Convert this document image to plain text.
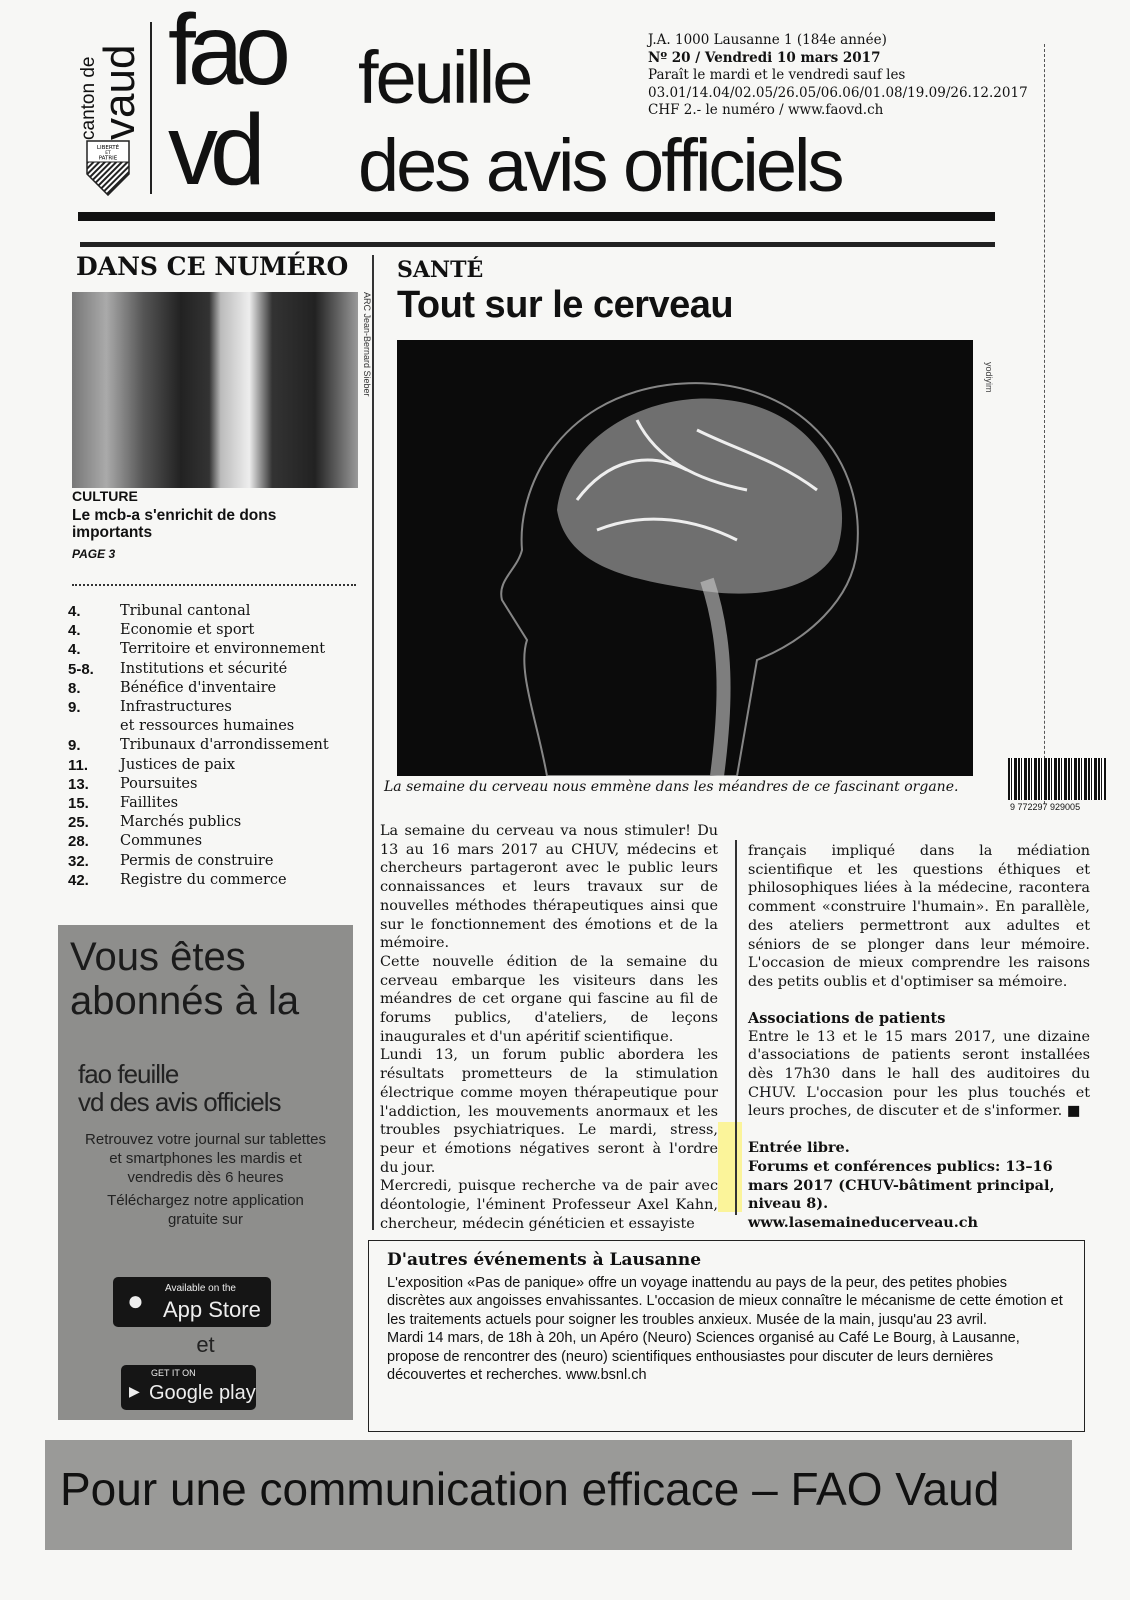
canton de
vaud
LIBERTÉ
ET
PATRIE
fao
vd
feuille
des avis officiels
J.A. 1000 Lausanne 1 (184e année)
Nº 20 / Vendredi 10 mars 2017
Paraît le mardi et le vendredi sauf les
03.01/14.04/02.05/26.05/06.06/01.08/19.09/26.12.2017
CHF 2.- le numéro / www.faovd.ch
DANS CE NUMÉRO
ARC Jean-Bernard Sieber
CULTURE
Le mcb-a s'enrichit de dons importants
PAGE 3
4.	Tribunal cantonal
4.	Economie et sport
4.	Territoire et environnement
5-8.	Institutions et sécurité
8.	Bénéfice d'inventaire
9.	Infrastructures
et ressources humaines
9.	Tribunaux d'arrondissement
11.	Justices de paix
13.	Poursuites
15.	Faillites
25.	Marchés publics
28.	Communes
32.	Permis de construire
42.	Registre du commerce
Vous êtes abonnés à la
fao feuille
vd des avis officiels
Retrouvez votre journal sur tablettes et smartphones les mardis et vendredis dès 6 heures
Téléchargez notre application gratuite sur
● Available on the
App Store
et
▶
GET IT ON
Google play
SANTÉ
Tout sur le cerveau
yodiyim
La semaine du cerveau nous emmène dans les méandres de ce fascinant organe.
9 772297 929005

La semaine du cerveau va nous stimuler! Du 13 au 16 mars 2017 au CHUV, médecins et chercheurs partageront avec le public leurs connaissances et leurs travaux sur de nouvelles méthodes thérapeutiques ainsi que sur le fonctionnement des émotions et de la mémoire.

Cette nouvelle édition de la semaine du cerveau embarque les visiteurs dans les méandres de cet organe qui fascine au fil de forums publics, d'ateliers, de leçons inaugurales et d'un apéritif scientifique.

Lundi 13, un forum public abordera les résultats prometteurs de la stimulation électrique comme moyen thérapeutique pour l'addiction, les mouvements anormaux et les troubles psychiatriques. Le mardi, stress, peur et émotions négatives seront à l'ordre du jour.

Mercredi, puisque recherche va de pair avec déontologie, l'éminent Professeur Axel Kahn, chercheur, médecin généticien et essayiste

français impliqué dans la médiation scientifique et les questions éthiques et philosophiques liées à la médecine, racontera comment «construire l'humain». En parallèle, des ateliers permettront aux adultes et séniors de se plonger dans leur mémoire. L'occasion de mieux comprendre les raisons des petits oublis et d'optimiser sa mémoire.

Associations de patients

Entre le 13 et le 15 mars 2017, une dizaine d'associations de patients seront installées dès 17h30 dans le hall des auditoires du CHUV. L'occasion pour les plus touchés et leurs proches, de discuter et de s'informer. ■

Entrée libre.

Forums et conférences publics: 13–16 mars 2017 (CHUV-bâtiment principal, niveau 8).

www.lasemaineducerveau.ch

D'autres événements à Lausanne

L'exposition «Pas de panique» offre un voyage inattendu au pays de la peur, des petites phobies discrètes aux angoisses envahissantes. L'occasion de mieux connaître le mécanisme de cette émotion et les traitements actuels pour soigner les troubles anxieux. Musée de la main, jusqu'au 23 avril.

Mardi 14 mars, de 18h à 20h, un Apéro (Neuro) Sciences organisé au Café Le Bourg, à Lausanne, propose de rencontrer des (neuro) scientifiques enthousiastes pour discuter de leurs dernières découvertes et recherches. www.bsnl.ch

Pour une communication efficace – FAO Vaud
